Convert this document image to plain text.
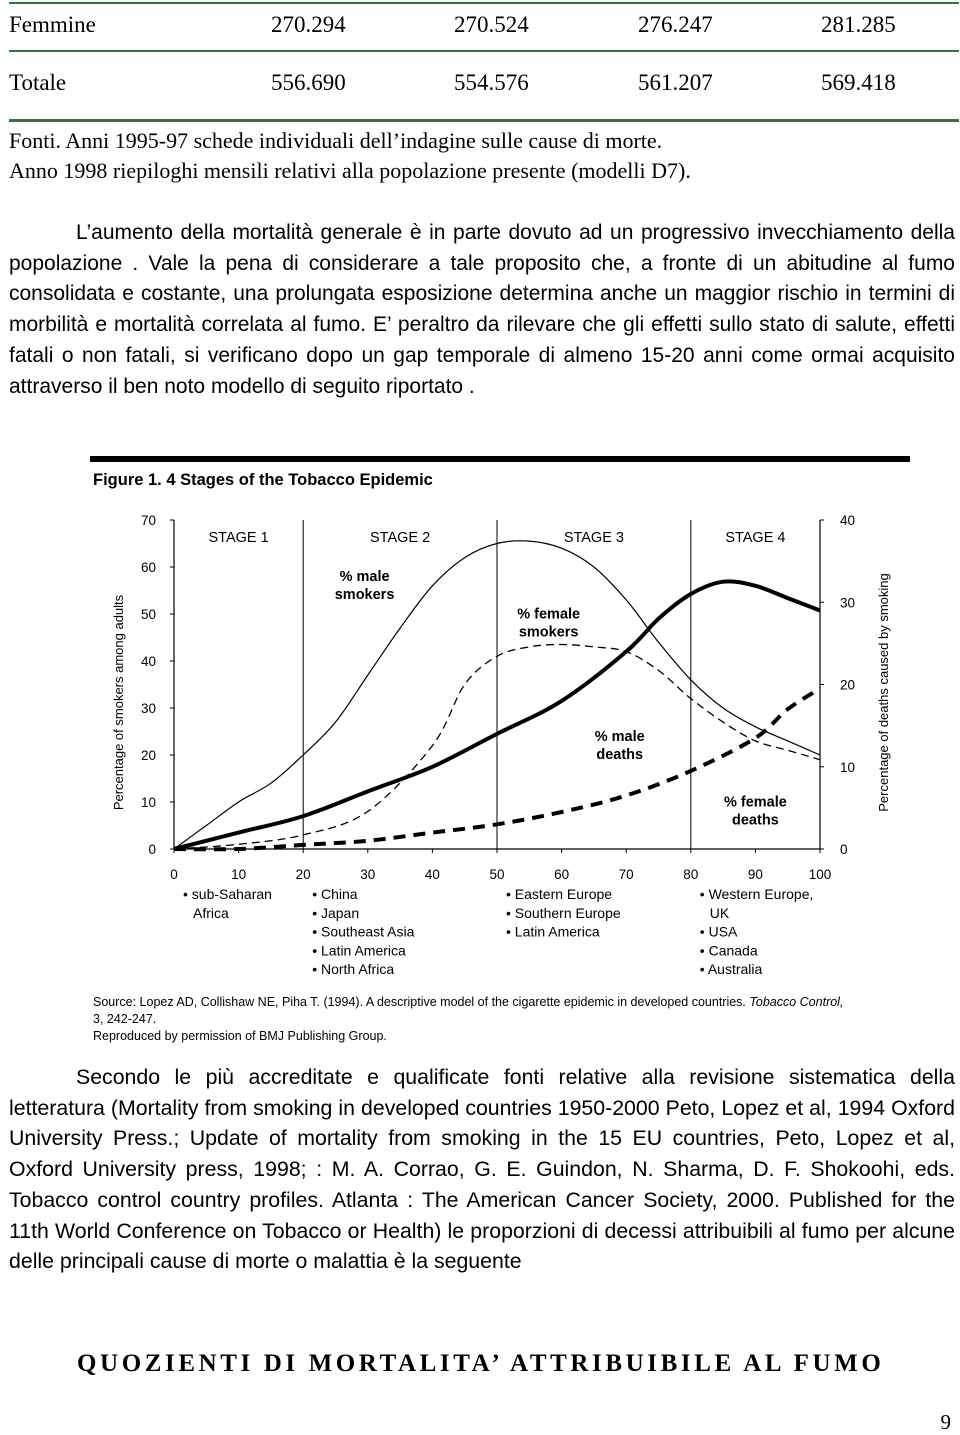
Femmine	270.294	270.524	276.247	281.285
Totale	556.690	554.576	561.207	569.418
Fonti. Anni 1995-97 schede individuali dell’indagine sulle cause di morte.
Anno 1998 riepiloghi mensili relativi alla popolazione presente (modelli D7).

L’aumento della mortalità generale è in parte dovuto ad un progressivo invecchiamento della popolazione . Vale la pena di considerare a tale proposito che, a fronte di un abitudine al fumo consolidata e costante, una prolungata esposizione determina anche un maggior rischio in termini di morbilità e mortalità correlata al fumo. E’ peraltro da rilevare che gli effetti sullo stato di salute, effetti fatali o non fatali, si verificano dopo un gap temporale di almeno 15-20 anni come ormai acquisito attraverso il ben noto modello di seguito riportato .

Figure 1. 4 Stages of the Tobacco Epidemic
STAGE 1
• sub-Saharan
Africa
STAGE 2
• China
• Japan
• Southeast Asia
• Latin America
• North Africa
STAGE 3
• Eastern Europe
• Southern Europe
• Latin America
STAGE 4
• Western Europe,
UK
• USA
• Canada
• Australia
0
10
20
30
40
50
60
70
0
10
20
30
40
0	10	20	30	40	50	60	70	80	90	100
Percentage of smokers among adults	Percentage of deaths caused by smoking
% male
smokers
% female
smokers
% male
deaths
% female
deaths
Source: Lopez AD, Collishaw NE, Piha T. (1994). A descriptive model of the cigarette epidemic in developed countries. Tobacco Control,
3, 242-247.
Reproduced by permission of BMJ Publishing Group.

Secondo le più accreditate e qualificate fonti relative alla revisione sistematica della letteratura (Mortality from smoking in developed countries 1950-2000 Peto, Lopez et al, 1994 Oxford University Press.; Update of mortality from smoking in the 15 EU countries, Peto, Lopez et al, Oxford University press, 1998; : M. A. Corrao, G. E. Guindon, N. Sharma, D. F. Shokoohi, eds. Tobacco control country profiles. Atlanta : The American Cancer Society, 2000. Published for the 11th World Conference on Tobacco or Health) le proporzioni di decessi attribuibili al fumo per alcune delle principali cause di morte o malattia è la seguente

QUOZIENTI DI MORTALITA’ ATTRIBUIBILE AL FUMO
9
